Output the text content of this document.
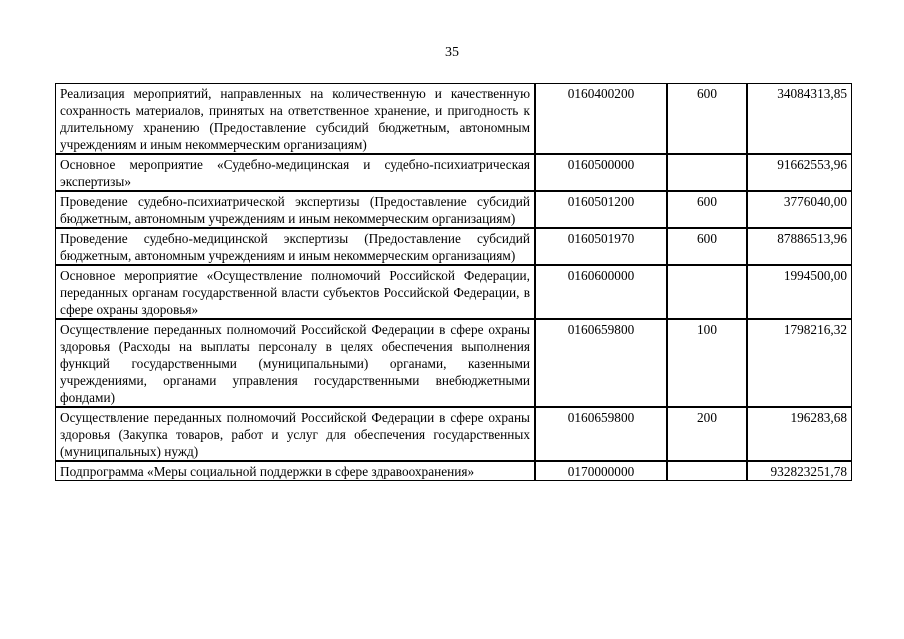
35
Реализация мероприятий, направленных на количественную и качественную сохранность материалов, принятых на ответственное хранение, и пригодность к длительному хранению (Предоставление субсидий бюджетным, автономным учреждениям и иным некоммерческим организациям)	0160400200	600	34084313,85
Основное мероприятие «Судебно-медицинская и судебно-психиатрическая экспертизы»	0160500000		91662553,96
Проведение судебно-психиатрической экспертизы (Предоставление субсидий бюджетным, автономным учреждениям и иным некоммерческим организациям)	0160501200	600	3776040,00
Проведение судебно-медицинской экспертизы (Предоставление субсидий бюджетным, автономным учреждениям и иным некоммерческим организациям)	0160501970	600	87886513,96
Основное мероприятие «Осуществление полномочий Российской Федерации, переданных органам государственной власти субъектов Российской Федерации, в сфере охраны здоровья»	0160600000		1994500,00
Осуществление переданных полномочий Российской Федерации в сфере охраны здоровья (Расходы на выплаты персоналу в целях обеспечения выполнения функций государственными (муниципальными) органами, казенными учреждениями, органами управления государственными внебюджетными фондами)	0160659800	100	1798216,32
Осуществление переданных полномочий Российской Федерации в сфере охраны здоровья (Закупка товаров, работ и услуг для обеспечения государственных (муниципальных) нужд)	0160659800	200	196283,68
Подпрограмма «Меры социальной поддержки в сфере здравоохранения»	0170000000		932823251,78
